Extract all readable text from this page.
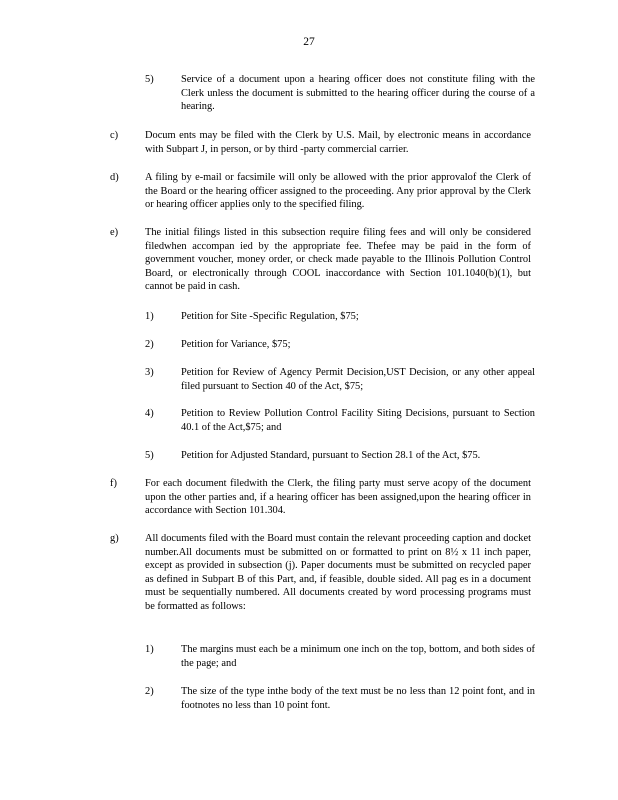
27
5)	Service of a document upon a hearing officer does not constitute filing with the Clerk unless the document is submitted to the hearing officer during the course of a hearing.
c)	Docum ents may be filed with the Clerk by U.S. Mail, by electronic means in accordance with Subpart J, in person, or by third -party commercial carrier.
d)	A filing by e-mail or facsimile will only be allowed with the prior approvalof the Clerk of the Board or the hearing officer assigned to the proceeding. Any prior approval by the Clerk or hearing officer applies only to the specified filing.
e)	The initial filings listed in this subsection require filing fees and will only be considered filedwhen accompan ied by the appropriate fee. Thefee may be paid in the form of government voucher, money order, or check made payable to the Illinois Pollution Control Board, or electronically through COOL inaccordance with Section 101.1040(b)(1), but cannot be paid in cash.
1)	Petition for Site -Specific Regulation, $75;
2)	Petition for Variance, $75;
3)	Petition for Review of Agency Permit Decision,UST Decision, or any other appeal filed pursuant to Section 40 of the Act, $75;
4)	Petition to Review Pollution Control Facility Siting Decisions, pursuant to Section 40.1 of the Act,$75; and
5)	Petition for Adjusted Standard, pursuant to Section 28.1 of the Act, $75.
f)	For each document filedwith the Clerk, the filing party must serve acopy of the document upon the other parties and, if a hearing officer has been assigned,upon the hearing officer in accordance with Section 101.304.
g)	All documents filed with the Board must contain the relevant proceeding caption and docket number.All documents must be submitted on or formatted to print on 8½ x 11 inch paper, except as provided in subsection (j). Paper documents must be submitted on recycled paper as defined in Subpart B of this Part, and, if feasible, double sided. All pag es in a document must be sequentially numbered. All documents created by word processing programs must be formatted as follows:
1)	The margins must each be a minimum one inch on the top, bottom, and both sides of the page; and
2)	The size of the type inthe body of the text must be no less than 12 point font, and in footnotes no less than 10 point font.
